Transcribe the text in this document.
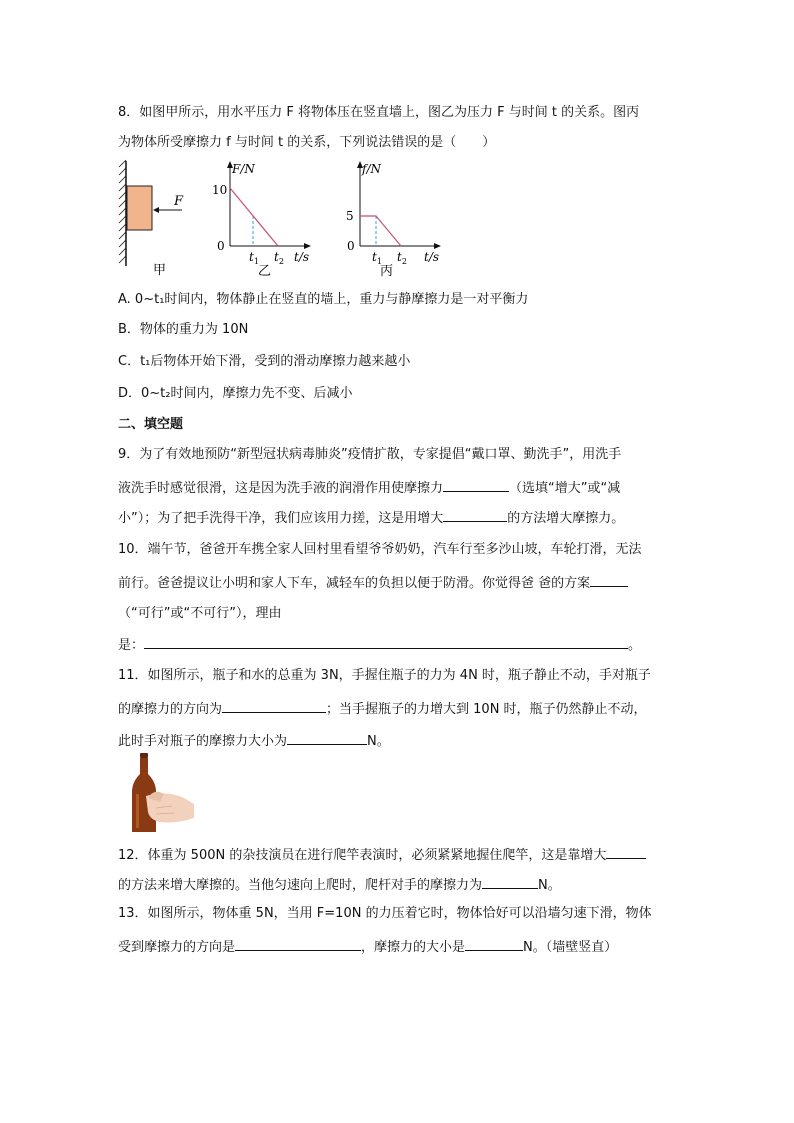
8．如图甲所示，用水平压力 F 将物体压在竖直墙上，图乙为压力 F 与时间 t 的关系。图丙
为物体所受摩擦力 f 与时间 t 的关系，下列说法错误的是（　　）
F
甲
F/N
10
0
$t_1$ $t_2$ t/s
乙
f/N
5
0
$t_1$ $t_2$ t/s
丙
A. 0~t₁时间内，物体静止在竖直的墙上，重力与静摩擦力是一对平衡力
B．物体的重力为 10N
C．t₁后物体开始下滑，受到的滑动摩擦力越来越小
D．0~t₂时间内，摩擦力先不变、后减小
二、填空题
9．为了有效地预防“新型冠状病毒肺炎”疫情扩散，专家提倡“戴口罩、勤洗手”，用洗手
液洗手时感觉很滑，这是因为洗手液的润滑作用使摩擦力	（选填“增大”或“减
小”）；为了把手洗得干净，我们应该用力搓，这是用增大	的方法增大摩擦力。
10．端午节，爸爸开车携全家人回村里看望爷爷奶奶，汽车行至多沙山坡，车轮打滑，无法
前行。爸爸提议让小明和家人下车，减轻车的负担以便于防滑。你觉得爸 爸的方案
（“可行”或“不可行”），理由
是：	。
11．如图所示，瓶子和水的总重为 3N，手握住瓶子的力为 4N 时，瓶子静止不动，手对瓶子
的摩擦力的方向为	；当手握瓶子的力增大到 10N 时，瓶子仍然静止不动，
此时手对瓶子的摩擦力大小为	N。
12．体重为 500N 的杂技演员在进行爬竿表演时，必须紧紧地握住爬竿，这是靠增大
的方法来增大摩擦的。当他匀速向上爬时，爬杆对手的摩擦力为	N。
13．如图所示，物体重 5N，当用 F=10N 的力压着它时，物体恰好可以沿墙匀速下滑，物体
受到摩擦力的方向是	，摩擦力的大小是	N。（墙壁竖直）
